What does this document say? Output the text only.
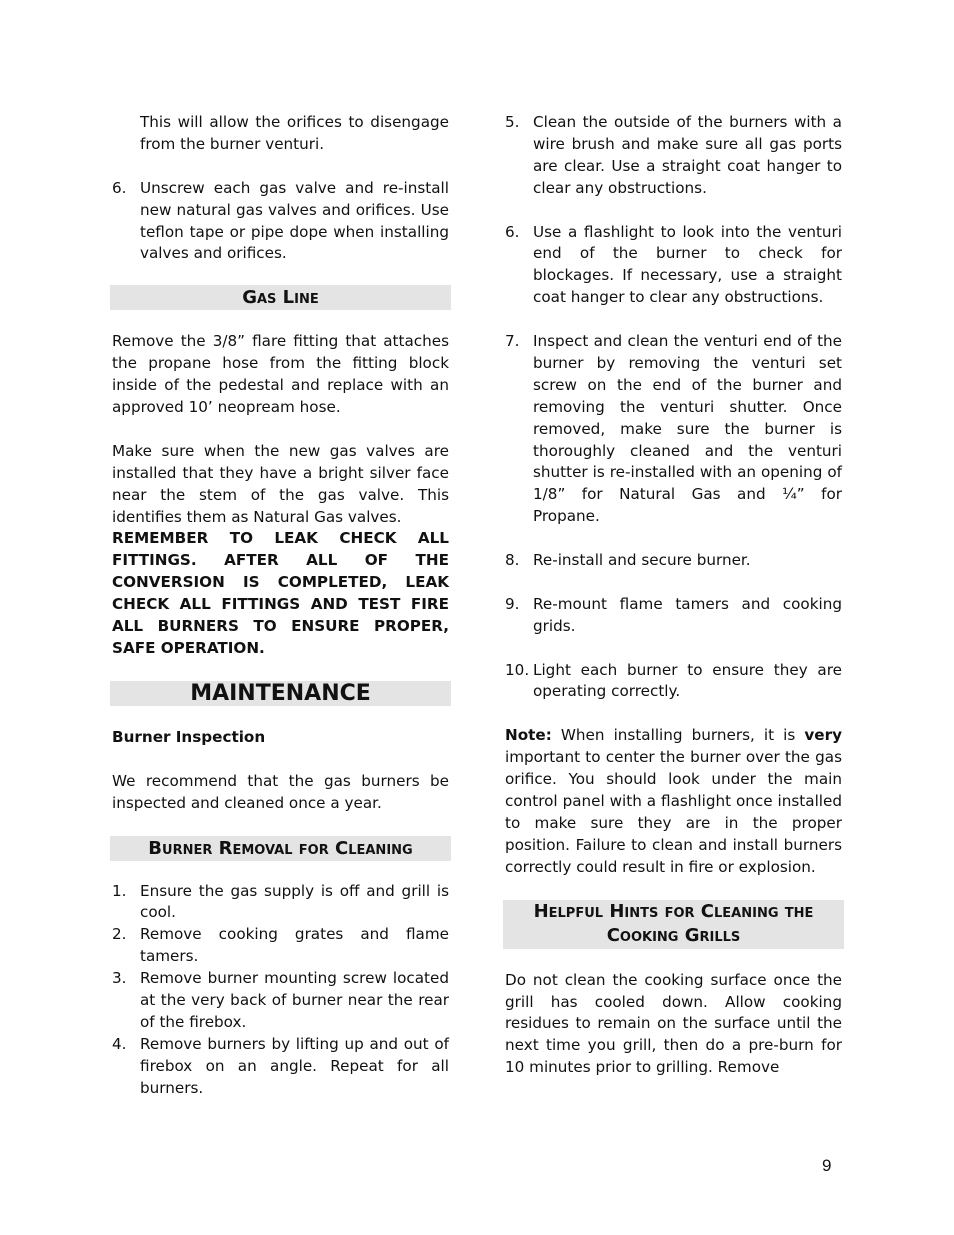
This will allow the orifices to disengage from the burner venturi.

6. Unscrew each gas valve and re-install new natural gas valves and orifices. Use teflon tape or pipe dope when installing valves and orifices.
Gas Line

Remove the 3/8” flare fitting that attaches the propane hose from the fitting block inside of the pedestal and replace with an approved 10’ neopream hose.

Make sure when the new gas valves are installed that they have a bright silver face near the stem of the gas valve. This identifies them as Natural Gas valves.

REMEMBER TO LEAK CHECK ALL FITTINGS. AFTER ALL OF THE CONVERSION IS COMPLETED, LEAK CHECK ALL FITTINGS AND TEST FIRE ALL BURNERS TO ENSURE PROPER, SAFE OPERATION.

MAINTENANCE

Burner Inspection

We recommend that the gas burners be inspected and cleaned once a year.

Burner Removal for Cleaning
1. Ensure the gas supply is off and grill is cool.
2. Remove cooking grates and flame tamers.
3. Remove burner mounting screw located at the very back of burner near the rear of the firebox.
4. Remove burners by lifting up and out of firebox on an angle. Repeat for all burners.
5. Clean the outside of the burners with a wire brush and make sure all gas ports are clear. Use a straight coat hanger to clear any obstructions.
6. Use a flashlight to look into the venturi end of the burner to check for blockages. If necessary, use a straight coat hanger to clear any obstructions.
7. Inspect and clean the venturi end of the burner by removing the venturi set screw on the end of the burner and removing the venturi shutter. Once removed, make sure the burner is thoroughly cleaned and the venturi shutter is re-installed with an opening of 1/8” for Natural Gas and ¼” for Propane.
8. Re-install and secure burner.
9. Re-mount flame tamers and cooking grids.
10. Light each burner to ensure they are operating correctly.

Note: When installing burners, it is very important to center the burner over the gas orifice. You should look under the main control panel with a flashlight once installed to make sure they are in the proper position. Failure to clean and install burners correctly could result in fire or explosion.

Helpful Hints for Cleaning the Cooking Grills

Do not clean the cooking surface once the grill has cooled down. Allow cooking residues to remain on the surface until the next time you grill, then do a pre-burn for 10 minutes prior to grilling. Remove

9
